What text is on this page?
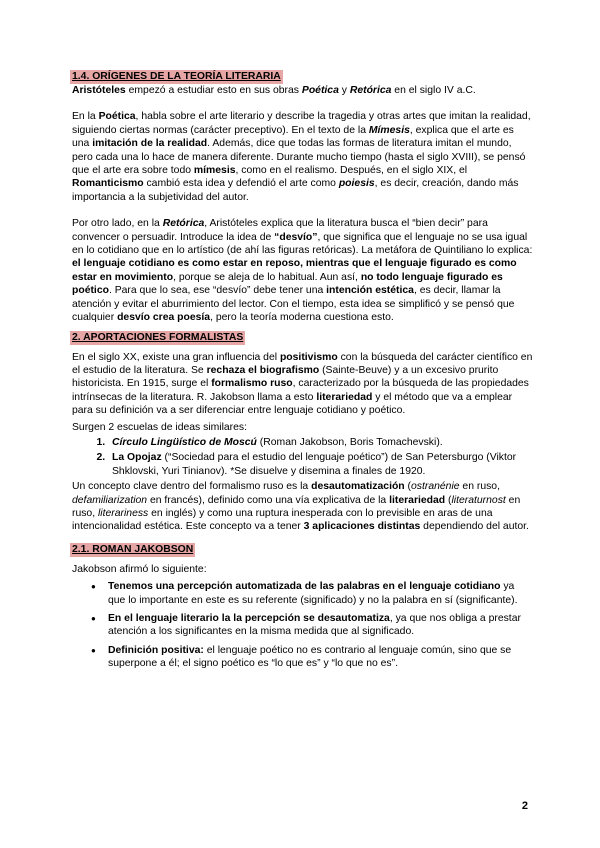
1.4. ORÍGENES DE LA TEORÍA LITERARIA

Aristóteles empezó a estudiar esto en sus obras Poética y Retórica en el siglo IV a.C.

En la Poética, habla sobre el arte literario y describe la tragedia y otras artes que imitan la realidad, siguiendo ciertas normas (carácter preceptivo). En el texto de la Mímesis, explica que el arte es una imitación de la realidad. Además, dice que todas las formas de literatura imitan el mundo, pero cada una lo hace de manera diferente. Durante mucho tiempo (hasta el siglo XVIII), se pensó que el arte era sobre todo mímesis, como en el realismo. Después, en el siglo XIX, el Romanticismo cambió esta idea y defendió el arte como poiesis, es decir, creación, dando más importancia a la subjetividad del autor.

Por otro lado, en la Retórica, Aristóteles explica que la literatura busca el “bien decir” para convencer o persuadir. Introduce la idea de “desvío”, que significa que el lenguaje no se usa igual en lo cotidiano que en lo artístico (de ahí las figuras retóricas). La metáfora de Quintiliano lo explica: el lenguaje cotidiano es como estar en reposo, mientras que el lenguaje figurado es como estar en movimiento, porque se aleja de lo habitual. Aun así, no todo lenguaje figurado es poético. Para que lo sea, ese “desvío” debe tener una intención estética, es decir, llamar la atención y evitar el aburrimiento del lector. Con el tiempo, esta idea se simplificó y se pensó que cualquier desvío crea poesía, pero la teoría moderna cuestiona esto.

2. APORTACIONES FORMALISTAS

En el siglo XX, existe una gran influencia del positivismo con la búsqueda del carácter científico en el estudio de la literatura. Se rechaza el biografismo (Sainte-Beuve) y a un excesivo prurito historicista. En 1915, surge el formalismo ruso, caracterizado por la búsqueda de las propiedades intrínsecas de la literatura. R. Jakobson llama a esto literariedad y el método que va a emplear para su definición va a ser diferenciar entre lenguaje cotidiano y poético.

Surgen 2 escuelas de ideas similares:

1. Círculo Lingüístico de Moscú (Roman Jakobson, Boris Tomachevski).
2. La Opojaz (“Sociedad para el estudio del lenguaje poético”) de San Petersburgo (Viktor Shklovski, Yuri Tinianov). *Se disuelve y disemina a finales de 1920.

Un concepto clave dentro del formalismo ruso es la desautomatización (ostranénie en ruso, defamiliarization en francés), definido como una vía explicativa de la literariedad (literaturnost en ruso, literariness en inglés) y como una ruptura inesperada con lo previsible en aras de una intencionalidad estética. Este concepto va a tener 3 aplicaciones distintas dependiendo del autor.

2.1. ROMAN JAKOBSON

Jakobson afirmó lo siguiente:

● Tenemos una percepción automatizada de las palabras en el lenguaje cotidiano ya que lo importante en este es su referente (significado) y no la palabra en sí (significante).
● En el lenguaje literario la la percepción se desautomatiza, ya que nos obliga a prestar atención a los significantes en la misma medida que al significado.
● Definición positiva: el lenguaje poético no es contrario al lenguaje común, sino que se superpone a él; el signo poético es “lo que es” y “lo que no es”.
2
